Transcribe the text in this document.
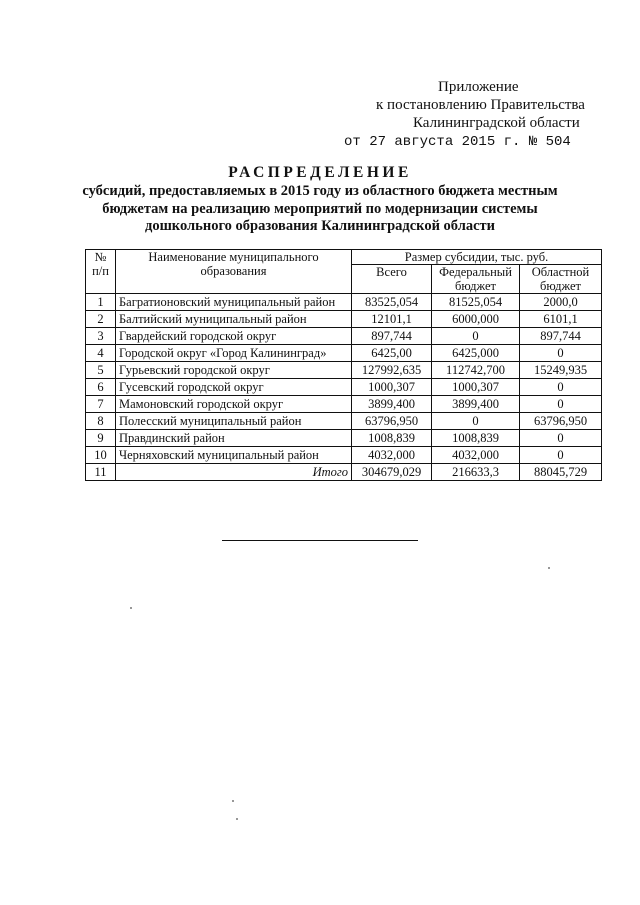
Приложение
к постановлению Правительства
Калининградской области
от 27 августа 2015 г. № 504
РАСПРЕДЕЛЕНИЕ
субсидий, предоставляемых в 2015 году из областного бюджета местным бюджетам на реализацию мероприятий по модернизации системы дошкольного образования Калининградской области
№ п/п	Наименование муниципального образования	Размер субсидии, тыс. руб.		
		Всего	Федеральный бюджет	Областной бюджет
1	Багратионовский муниципальный район	83525,054	81525,054	2000,0
2	Балтийский муниципальный район	12101,1	6000,000	6101,1
3	Гвардейский городской округ	897,744	0	897,744
4	Городской округ «Город Калининград»	6425,00	6425,000	0
5	Гурьевский городской округ	127992,635	112742,700	15249,935
6	Гусевский городской округ	1000,307	1000,307	0
7	Мамоновский городской округ	3899,400	3899,400	0
8	Полесский муниципальный район	63796,950	0	63796,950
9	Правдинский район	1008,839	1008,839	0
10	Черняховский муниципальный район	4032,000	4032,000	0
11	Итого	304679,029	216633,3	88045,729
